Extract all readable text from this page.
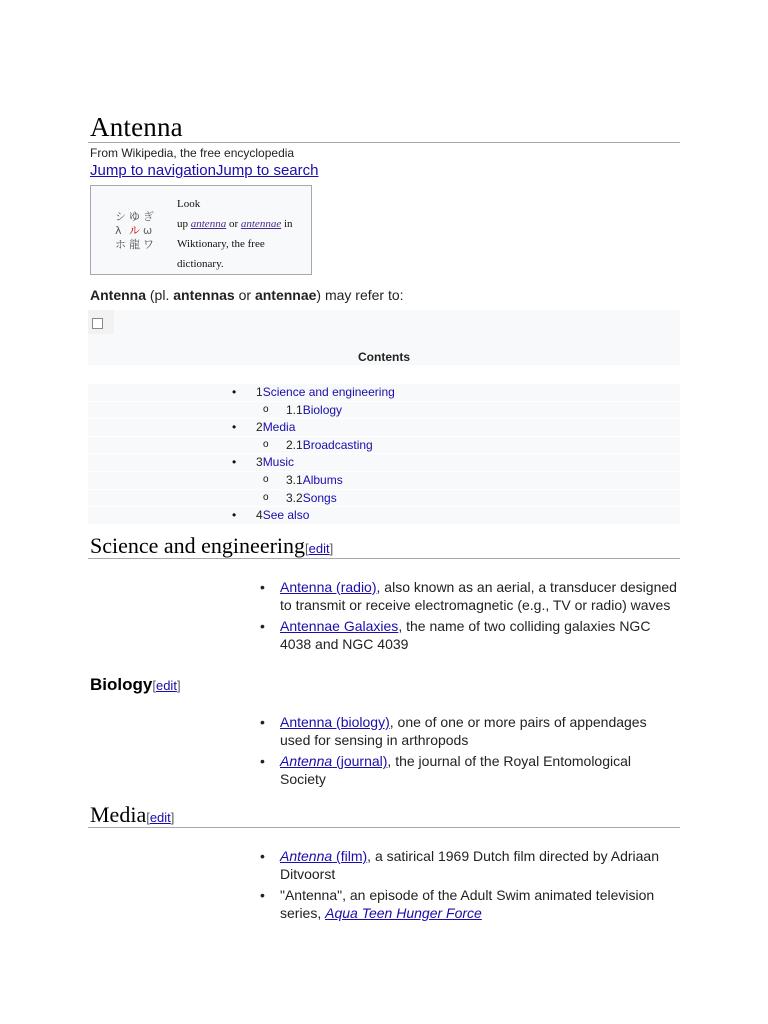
Antenna
From Wikipedia, the free encyclopedia
Jump to navigationJump to search
シ ゆ ぎ
λ ル ω
ホ 龍 ワ
Look
up antenna or antennae in
Wiktionary, the free
dictionary.
Antenna (pl. antennas or antennae) may refer to:
Contents
• 1Science and engineering
o 1.1Biology
• 2Media
o 2.1Broadcasting
• 3Music
o 3.1Albums
o 3.2Songs
• 4See also
Science and engineering[edit]
• Antenna (radio), also known as an aerial, a transducer designed to transmit or receive electromagnetic (e.g., TV or radio) waves
• Antennae Galaxies, the name of two colliding galaxies NGC 4038 and NGC 4039
Biology[edit]
• Antenna (biology), one of one or more pairs of appendages used for sensing in arthropods
• Antenna (journal), the journal of the Royal Entomological Society
Media[edit]
• Antenna (film), a satirical 1969 Dutch film directed by Adriaan Ditvoorst
• "Antenna", an episode of the Adult Swim animated television series, Aqua Teen Hunger Force
